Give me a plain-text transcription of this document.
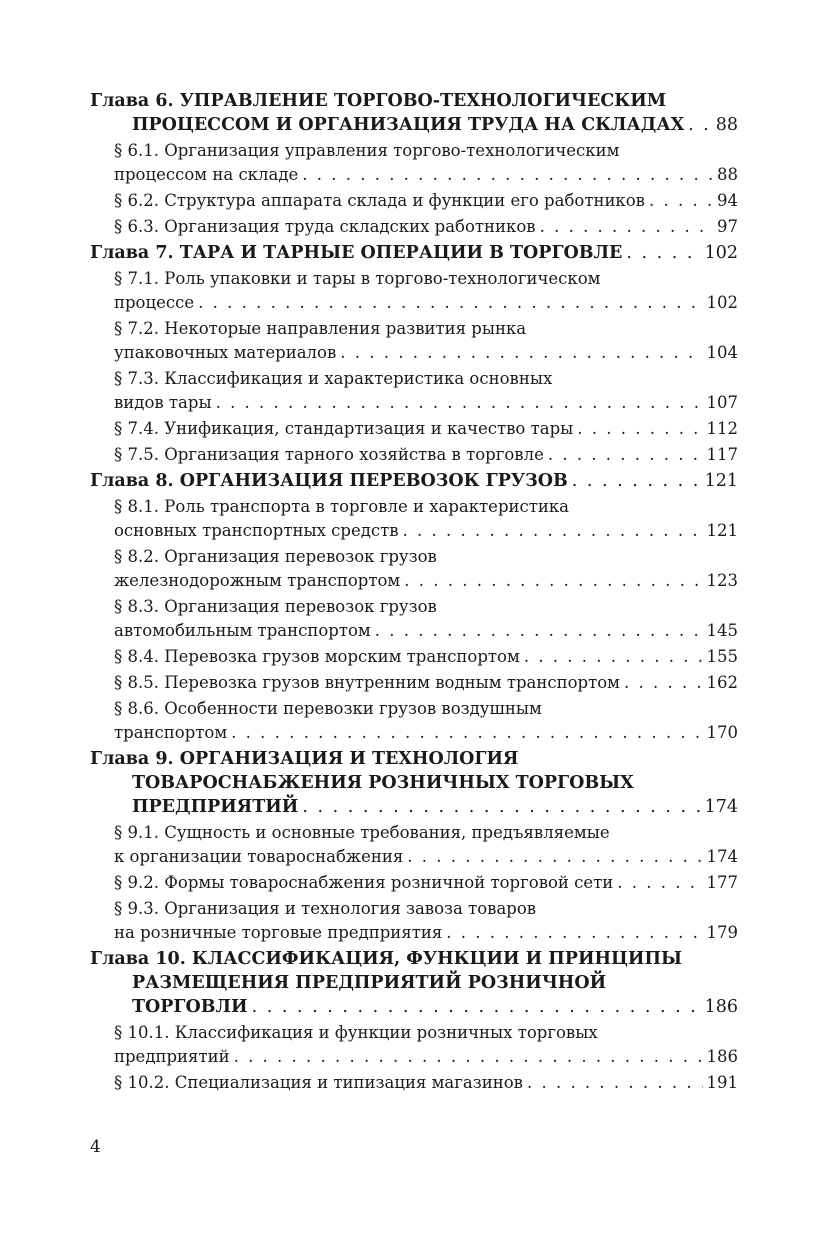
Глава 6. УПРАВЛЕНИЕ ТОРГОВО-ТЕХНОЛОГИЧЕСКИМ
ПРОЦЕССОМ И ОРГАНИЗАЦИЯ ТРУДА НА СКЛАДАХ . . . 88
§ 6.1. Организация управления торгово-технологическим
процессом на складе . . .	88
§ 6.2. Структура аппарата склада и функции его работников . . .	94
§ 6.3. Организация труда складских работников . . .	97
Глава 7. ТАРА И ТАРНЫЕ ОПЕРАЦИИ В ТОРГОВЛЕ . . .	102
§ 7.1. Роль упаковки и тары в торгово-технологическом
процессе . . .	102
§ 7.2. Некоторые направления развития рынка
упаковочных материалов . . .	104
§ 7.3. Классификация и характеристика основных
видов тары . . .	107
§ 7.4. Унификация, стандартизация и качество тары . . .	112
§ 7.5. Организация тарного хозяйства в торговле . . .	117
Глава 8. ОРГАНИЗАЦИЯ ПЕРЕВОЗОК ГРУЗОВ . . .	121
§ 8.1. Роль транспорта в торговле и характеристика
основных транспортных средств . . .	121
§ 8.2. Организация перевозок грузов
железнодорожным транспортом . . .	123
§ 8.3. Организация перевозок грузов
автомобильным транспортом . . .	145
§ 8.4. Перевозка грузов морским транспортом . . .	155
§ 8.5. Перевозка грузов внутренним водным транспортом . . .	162
§ 8.6. Особенности перевозки грузов воздушным
транспортом . . .	170
Глава 9. ОРГАНИЗАЦИЯ И ТЕХНОЛОГИЯ
ТОВАРОСНАБЖЕНИЯ РОЗНИЧНЫХ ТОРГОВЫХ
ПРЕДПРИЯТИЙ . . .	174
§ 9.1. Сущность и основные требования, предъявляемые
к организации товароснабжения . . .	174
§ 9.2. Формы товароснабжения розничной торговой сети . . .	177
§ 9.3. Организация и технология завоза товаров
на розничные торговые предприятия . . .	179
Глава 10. КЛАССИФИКАЦИЯ, ФУНКЦИИ И ПРИНЦИПЫ
РАЗМЕЩЕНИЯ ПРЕДПРИЯТИЙ РОЗНИЧНОЙ
ТОРГОВЛИ . . .	186
§ 10.1. Классификация и функции розничных торговых
предприятий . . .	186
§ 10.2. Специализация и типизация магазинов . . .	191
4
